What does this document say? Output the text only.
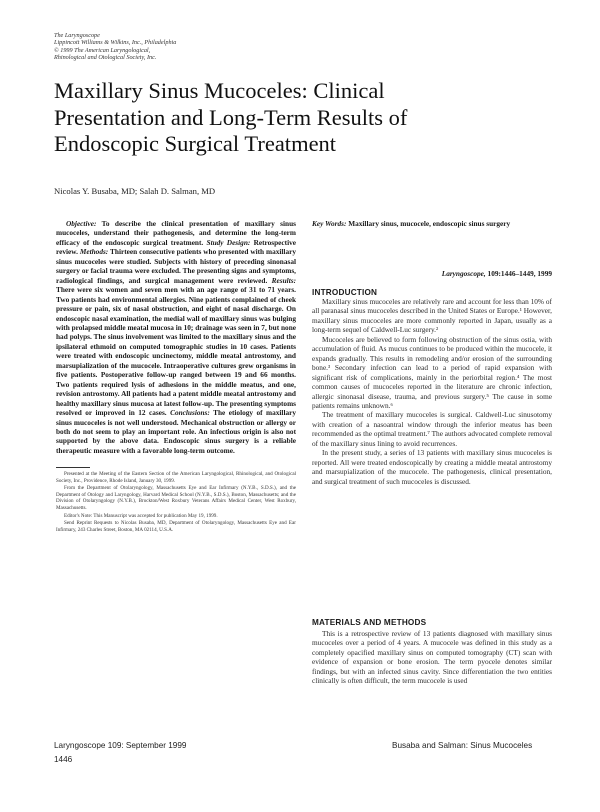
The Laryngoscope
Lippincott Williams & Wilkins, Inc., Philadelphia
© 1999 The American Laryngological,
Rhinological and Otological Society, Inc.
Maxillary Sinus Mucoceles: Clinical
Presentation and Long-Term Results of
Endoscopic Surgical Treatment
Nicolas Y. Busaba, MD; Salah D. Salman, MD

Objective: To describe the clinical presentation of maxillary sinus mucoceles, understand their pathogenesis, and determine the long-term efficacy of the endoscopic surgical treatment. Study Design: Retrospective review. Methods: Thirteen consecutive patients who presented with maxillary sinus mucoceles were studied. Subjects with history of preceding sinonasal surgery or facial trauma were excluded. The presenting signs and symptoms, radiological findings, and surgical management were reviewed. Results: There were six women and seven men with an age range of 31 to 71 years. Two patients had environmental allergies. Nine patients complained of cheek pressure or pain, six of nasal obstruction, and eight of nasal discharge. On endoscopic nasal examination, the medial wall of maxillary sinus was bulging with prolapsed middle meatal mucosa in 10; drainage was seen in 7, but none had polyps. The sinus involvement was limited to the maxillary sinus and the ipsilateral ethmoid on computed tomographic studies in 10 cases. Patients were treated with endoscopic uncinectomy, middle meatal antrostomy, and marsupialization of the mucocele. Intraoperative cultures grew organisms in five patients. Postoperative follow-up ranged between 19 and 66 months. Two patients required lysis of adhesions in the middle meatus, and one, revision antrostomy. All patients had a patent middle meatal antrostomy and healthy maxillary sinus mucosa at latest follow-up. The presenting symptoms resolved or improved in 12 cases. Conclusions: The etiology of maxillary sinus mucoceles is not well understood. Mechanical obstruction or allergy or both do not seem to play an important role. An infectious origin is also not supported by the above data. Endoscopic sinus surgery is a reliable therapeutic measure with a favorable long-term outcome.

Presented at the Meeting of the Eastern Section of the American Laryngological, Rhinological, and Otological Society, Inc., Providence, Rhode Island, January 30, 1999.

From the Department of Otolaryngology, Massachusetts Eye and Ear Infirmary (N.Y.B., S.D.S.), and the Department of Otology and Laryngology, Harvard Medical School (N.Y.B., S.D.S.), Boston, Massachusetts; and the Division of Otolaryngology (N.Y.B.), Brockton/West Roxbury Veterans Affairs Medical Center, West Roxbury, Massachusetts.

Editor's Note: This Manuscript was accepted for publication May 19, 1999.

Send Reprint Requests to Nicolas Busaba, MD, Department of Otolaryngology, Massachusetts Eye and Ear Infirmary, 243 Charles Street, Boston, MA 02114, U.S.A.

Key Words: Maxillary sinus, mucocele, endoscopic sinus surgery

Laryngoscope, 109:1446–1449, 1999
INTRODUCTION

Maxillary sinus mucoceles are relatively rare and account for less than 10% of all paranasal sinus mucoceles described in the United States or Europe.¹ However, maxillary sinus mucoceles are more commonly reported in Japan, usually as a long-term sequel of Caldwell-Luc surgery.²

Mucoceles are believed to form following obstruction of the sinus ostia, with accumulation of fluid. As mucus continues to be produced within the mucocele, it expands gradually. This results in remodeling and/or erosion of the surrounding bone.³ Secondary infection can lead to a period of rapid expansion with significant risk of complications, mainly in the periorbital region.⁴ The most common causes of mucoceles reported in the literature are chronic infection, allergic sinonasal disease, trauma, and previous surgery.⁵ The cause in some patients remains unknown.⁶

The treatment of maxillary mucoceles is surgical. Caldwell-Luc sinusotomy with creation of a nasoantral window through the inferior meatus has been recommended as the optimal treatment.⁷ The authors advocated complete removal of the maxillary sinus lining to avoid recurrences.

In the present study, a series of 13 patients with maxillary sinus mucoceles is reported. All were treated endoscopically by creating a middle meatal antrostomy and marsupialization of the mucocele. The pathogenesis, clinical presentation, and surgical treatment of such mucoceles is discussed.

MATERIALS AND METHODS

This is a retrospective review of 13 patients diagnosed with maxillary sinus mucoceles over a period of 4 years. A mucocele was defined in this study as a completely opacified maxillary sinus on computed tomography (CT) scan with evidence of expansion or bone erosion. The term pyocele denotes similar findings, but with an infected sinus cavity. Since differentiation the two entities clinically is often difficult, the term mucocele is used

Laryngoscope 109: September 1999	Busaba and Salman: Sinus Mucoceles
1446
